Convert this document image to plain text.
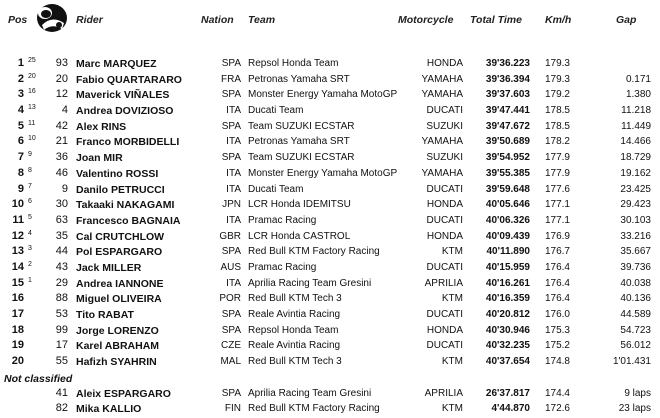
Pos	Rider	Nation Team	Motorcycle Total Time Km/h	Gap
1 25	93 Marc MARQUEZ	SPA Repsol Honda Team	HONDA	39'36.223	179.3
2 20	20 Fabio QUARTARARO	FRA Petronas Yamaha SRT	YAMAHA	39'36.394	179.3	0.171
3 16	12 Maverick VIÑALES	SPA Monster Energy Yamaha MotoGP	YAMAHA	39'37.603	179.2	1.380
4 13	4 Andrea DOVIZIOSO	ITA Ducati Team	DUCATI	39'47.441	178.5	11.218
5 11	42 Alex RINS	SPA Team SUZUKI ECSTAR	SUZUKI	39'47.672	178.5	11.449
6 10	21 Franco MORBIDELLI	ITA Petronas Yamaha SRT	YAMAHA	39'50.689	178.2	14.466
7 9	36 Joan MIR	SPA Team SUZUKI ECSTAR	SUZUKI	39'54.952	177.9	18.729
8 8	46 Valentino ROSSI	ITA Monster Energy Yamaha MotoGP	YAMAHA	39'55.385	177.9	19.162
9 7	9 Danilo PETRUCCI	ITA Ducati Team	DUCATI	39'59.648	177.6	23.425
10 6	30 Takaaki NAKAGAMI	JPN LCR Honda IDEMITSU	HONDA	40'05.646	177.1	29.423
11 5	63 Francesco BAGNAIA	ITA Pramac Racing	DUCATI	40'06.326	177.1	30.103
12 4	35 Cal CRUTCHLOW	GBR LCR Honda CASTROL	HONDA	40'09.439	176.9	33.216
13 3	44 Pol ESPARGARO	SPA Red Bull KTM Factory Racing	KTM	40'11.890	176.7	35.667
14 2	43 Jack MILLER	AUS Pramac Racing	DUCATI	40'15.959	176.4	39.736
15 1	29 Andrea IANNONE	ITA Aprilia Racing Team Gresini	APRILIA	40'16.261	176.4	40.038
16	88 Miguel OLIVEIRA	POR Red Bull KTM Tech 3	KTM	40'16.359	176.4	40.136
17	53 Tito RABAT	SPA Reale Avintia Racing	DUCATI	40'20.812	176.0	44.589
18	99 Jorge LORENZO	SPA Repsol Honda Team	HONDA	40'30.946	175.3	54.723
19	17 Karel ABRAHAM	CZE Reale Avintia Racing	DUCATI	40'32.235	175.2	56.012
20	55 Hafizh SYAHRIN	MAL Red Bull KTM Tech 3	KTM	40'37.654	174.8	1'01.431
Not classified
41 Aleix ESPARGARO	SPA Aprilia Racing Team Gresini	APRILIA	26'37.817	174.4	9 laps
82 Mika KALLIO	FIN Red Bull KTM Factory Racing	KTM	4'44.870	172.6	23 laps
